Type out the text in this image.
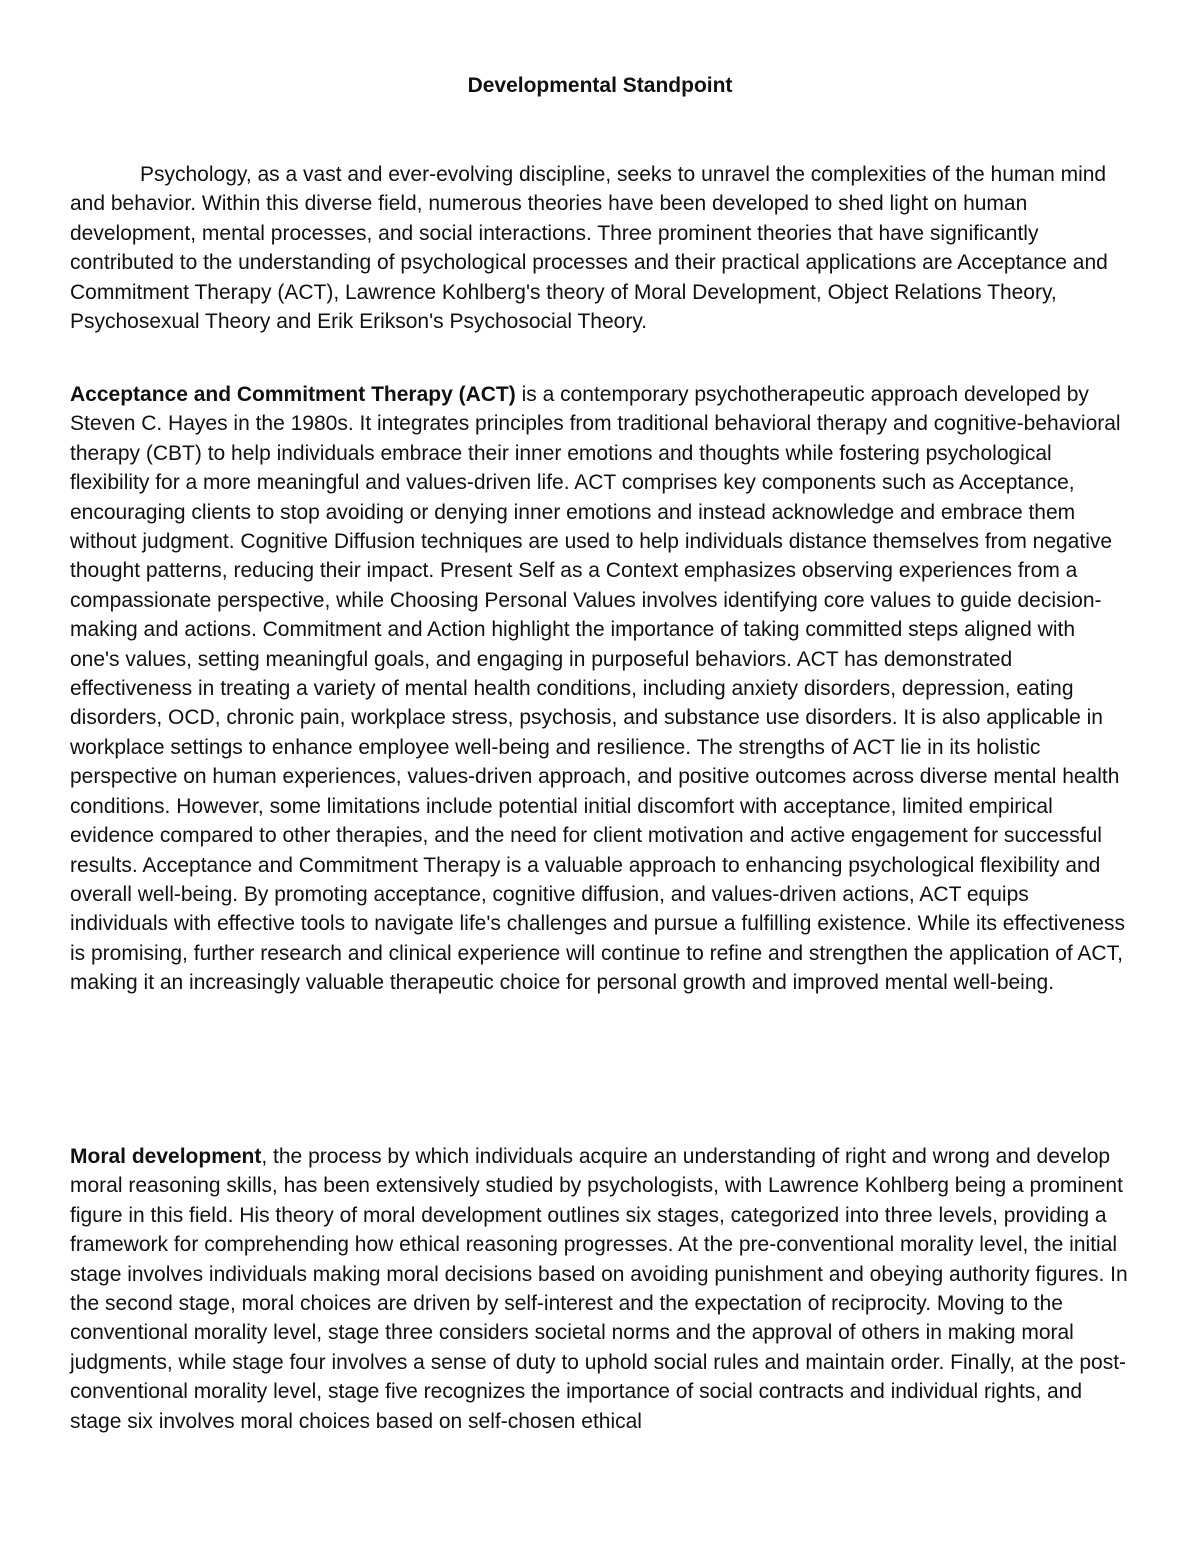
Developmental Standpoint

Psychology, as a vast and ever-evolving discipline, seeks to unravel the complexities of the human mind and behavior. Within this diverse field, numerous theories have been developed to shed light on human development, mental processes, and social interactions. Three prominent theories that have significantly contributed to the understanding of psychological processes and their practical applications are Acceptance and Commitment Therapy (ACT), Lawrence Kohlberg's theory of Moral Development, Object Relations Theory, Psychosexual Theory and Erik Erikson's Psychosocial Theory.

Acceptance and Commitment Therapy (ACT) is a contemporary psychotherapeutic approach developed by Steven C. Hayes in the 1980s. It integrates principles from traditional behavioral therapy and cognitive-behavioral therapy (CBT) to help individuals embrace their inner emotions and thoughts while fostering psychological flexibility for a more meaningful and values-driven life. ACT comprises key components such as Acceptance, encouraging clients to stop avoiding or denying inner emotions and instead acknowledge and embrace them without judgment. Cognitive Diffusion techniques are used to help individuals distance themselves from negative thought patterns, reducing their impact. Present Self as a Context emphasizes observing experiences from a compassionate perspective, while Choosing Personal Values involves identifying core values to guide decision-making and actions. Commitment and Action highlight the importance of taking committed steps aligned with one's values, setting meaningful goals, and engaging in purposeful behaviors. ACT has demonstrated effectiveness in treating a variety of mental health conditions, including anxiety disorders, depression, eating disorders, OCD, chronic pain, workplace stress, psychosis, and substance use disorders. It is also applicable in workplace settings to enhance employee well-being and resilience. The strengths of ACT lie in its holistic perspective on human experiences, values-driven approach, and positive outcomes across diverse mental health conditions. However, some limitations include potential initial discomfort with acceptance, limited empirical evidence compared to other therapies, and the need for client motivation and active engagement for successful results. Acceptance and Commitment Therapy is a valuable approach to enhancing psychological flexibility and overall well-being. By promoting acceptance, cognitive diffusion, and values-driven actions, ACT equips individuals with effective tools to navigate life's challenges and pursue a fulfilling existence. While its effectiveness is promising, further research and clinical experience will continue to refine and strengthen the application of ACT, making it an increasingly valuable therapeutic choice for personal growth and improved mental well-being.

Moral development, the process by which individuals acquire an understanding of right and wrong and develop moral reasoning skills, has been extensively studied by psychologists, with Lawrence Kohlberg being a prominent figure in this field. His theory of moral development outlines six stages, categorized into three levels, providing a framework for comprehending how ethical reasoning progresses. At the pre-conventional morality level, the initial stage involves individuals making moral decisions based on avoiding punishment and obeying authority figures. In the second stage, moral choices are driven by self-interest and the expectation of reciprocity. Moving to the conventional morality level, stage three considers societal norms and the approval of others in making moral judgments, while stage four involves a sense of duty to uphold social rules and maintain order. Finally, at the post-conventional morality level, stage five recognizes the importance of social contracts and individual rights, and stage six involves moral choices based on self-chosen ethical
